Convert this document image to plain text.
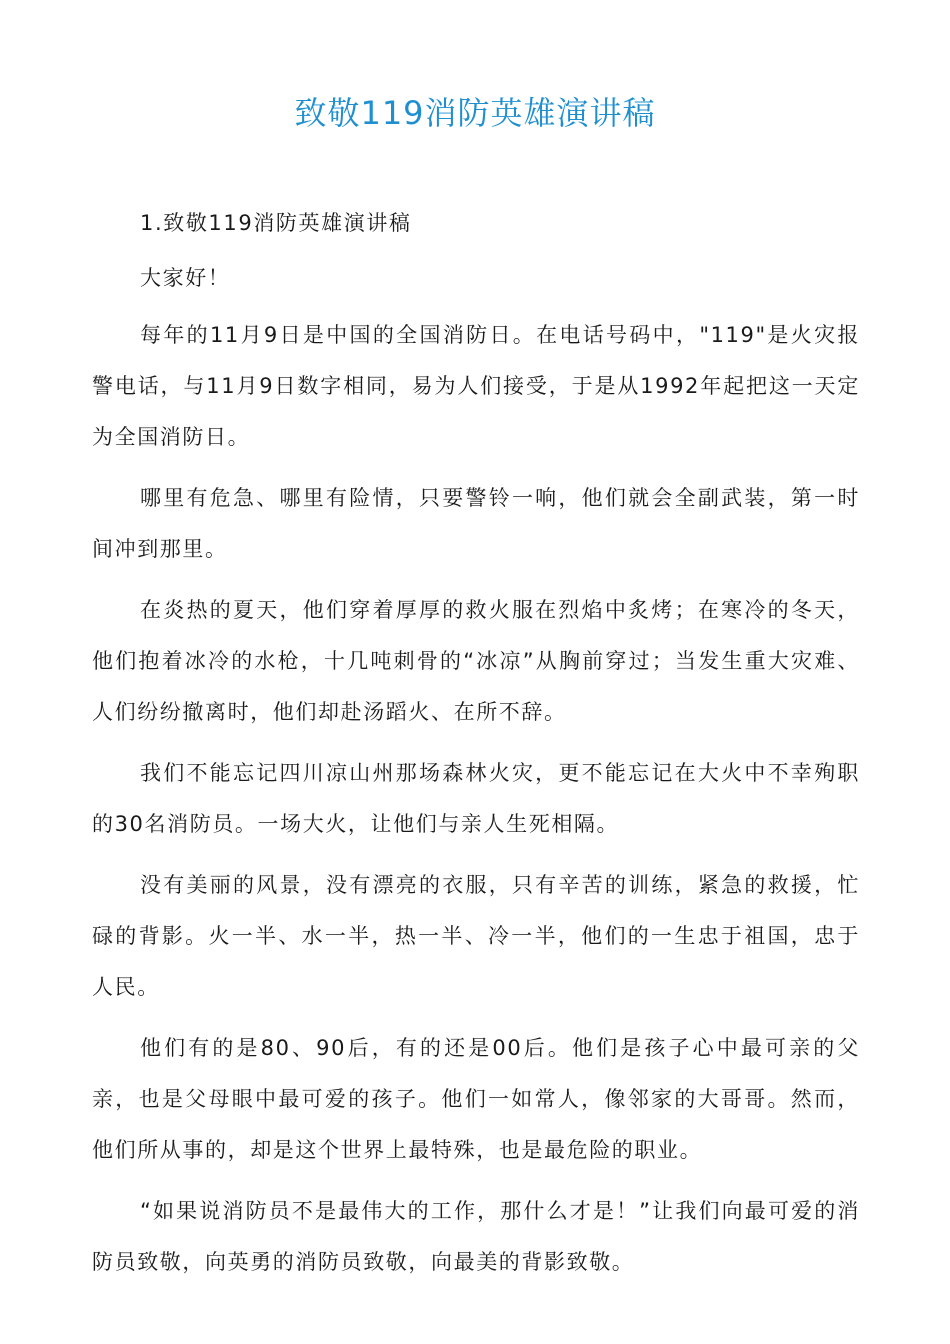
致敬119消防英雄演讲稿

1.致敬119消防英雄演讲稿

大家好！

每年的11月9日是中国的全国消防日。在电话号码中，"119"是火灾报警电话，与11月9日数字相同，易为人们接受，于是从1992年起把这一天定为全国消防日。

哪里有危急、哪里有险情，只要警铃一响，他们就会全副武装，第一时间冲到那里。

在炎热的夏天，他们穿着厚厚的救火服在烈焰中炙烤；在寒冷的冬天，他们抱着冰冷的水枪，十几吨刺骨的“冰凉”从胸前穿过；当发生重大灾难、人们纷纷撤离时，他们却赴汤蹈火、在所不辞。

我们不能忘记四川凉山州那场森林火灾，更不能忘记在大火中不幸殉职的30名消防员。一场大火，让他们与亲人生死相隔。

没有美丽的风景，没有漂亮的衣服，只有辛苦的训练，紧急的救援，忙碌的背影。火一半、水一半，热一半、冷一半，他们的一生忠于祖国，忠于人民。

他们有的是80、90后，有的还是00后。他们是孩子心中最可亲的父亲，也是父母眼中最可爱的孩子。他们一如常人，像邻家的大哥哥。然而，他们所从事的，却是这个世界上最特殊，也是最危险的职业。

“如果说消防员不是最伟大的工作，那什么才是！”让我们向最可爱的消防员致敬，向英勇的消防员致敬，向最美的背影致敬。
